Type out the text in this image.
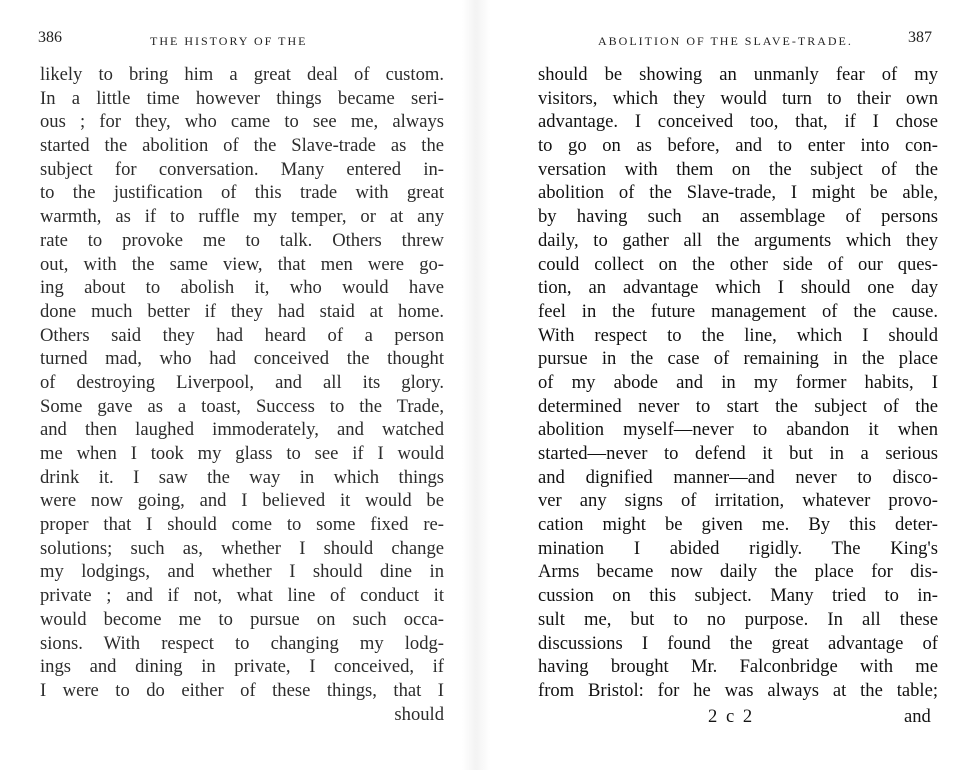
386	THE HISTORY OF THE
likely to bring him a great deal of custom.
In a little time however things became seri-
ous ; for they, who came to see me, always
started the abolition of the Slave-trade as the
subject for conversation. Many entered in-
to the justification of this trade with great
warmth, as if to ruffle my temper, or at any
rate to provoke me to talk. Others threw
out, with the same view, that men were go-
ing about to abolish it, who would have
done much better if they had staid at home.
Others said they had heard of a person
turned mad, who had conceived the thought
of destroying Liverpool, and all its glory.
Some gave as a toast, Success to the Trade,
and then laughed immoderately, and watched
me when I took my glass to see if I would
drink it. I saw the way in which things
were now going, and I believed it would be
proper that I should come to some fixed re-
solutions; such as, whether I should change
my lodgings, and whether I should dine in
private ; and if not, what line of conduct it
would become me to pursue on such occa-
sions. With respect to changing my lodg-
ings and dining in private, I conceived, if
I were to do either of these things, that I
should
ABOLITION OF THE SLAVE-TRADE.	387
should be showing an unmanly fear of my
visitors, which they would turn to their own
advantage. I conceived too, that, if I chose
to go on as before, and to enter into con-
versation with them on the subject of the
abolition of the Slave-trade, I might be able,
by having such an assemblage of persons
daily, to gather all the arguments which they
could collect on the other side of our ques-
tion, an advantage which I should one day
feel in the future management of the cause.
With respect to the line, which I should
pursue in the case of remaining in the place
of my abode and in my former habits, I
determined never to start the subject of the
abolition myself—never to abandon it when
started—never to defend it but in a serious
and dignified manner—and never to disco-
ver any signs of irritation, whatever provo-
cation might be given me. By this deter-
mination I abided rigidly. The King's
Arms became now daily the place for dis-
cussion on this subject. Many tried to in-
sult me, but to no purpose. In all these
discussions I found the great advantage of
having brought Mr. Falconbridge with me
from Bristol: for he was always at the table;
2 c 2	and
